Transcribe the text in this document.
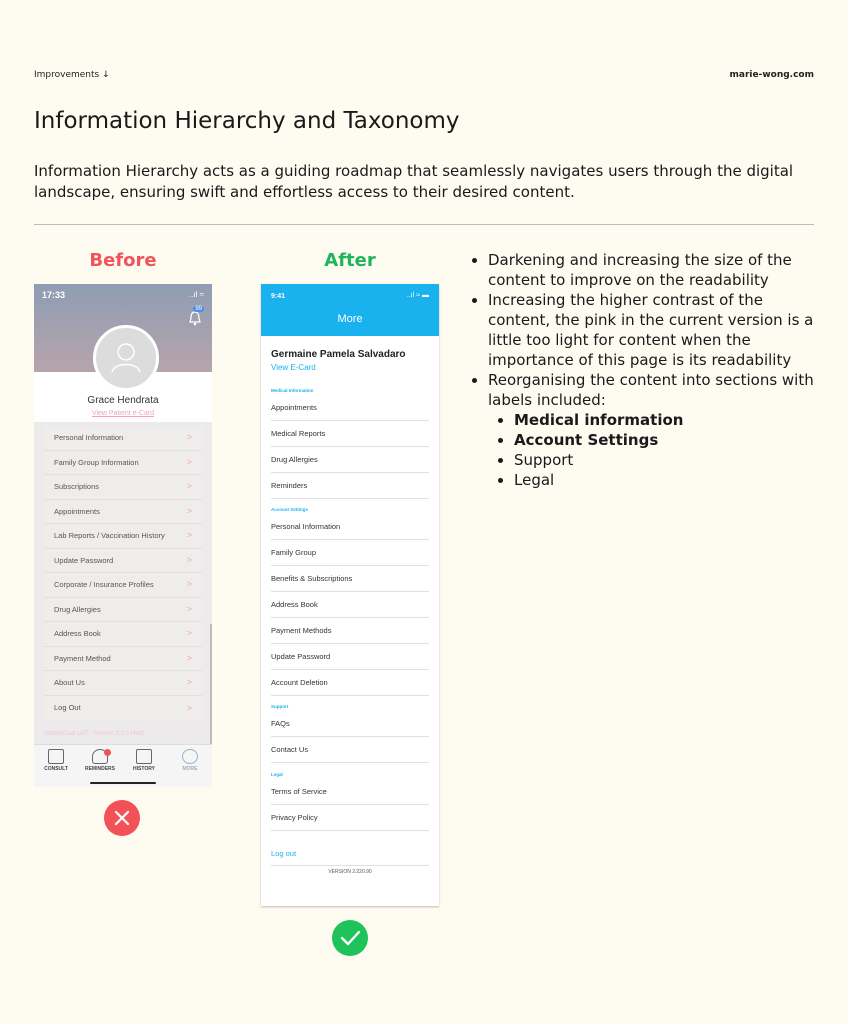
Improvements ↓	marie-wong.com
Information Hierarchy and Taxonomy
Information Hierarchy acts as a guiding roadmap that seamlessly navigates users through the digital landscape, ensuring swift and effortless access to their desired content.
Before	After
17:33	..ıl ≈
99
Grace Hendrata
View Patient e-Card
Personal Information	>
Family Group Information	>
Subscriptions	>
Appointments	>
Lab Reports / Vaccination History >
Update Password	>
Corporate / Insurance Profiles	>
Drug Allergies	>
Address Book	>
Payment Method	>
About Us	>
Log Out	>
WhitehCoat UAT - Version 3.9.0 (442)
CONSULT	REMINDERS	HISTORY	MORE
9:41	..ıl ≈ ▬
More
Germaine Pamela Salvadaro
View E-Card
Medical Information
Appointments
Medical Reports
Drug Allergies
Reminders
Account Settings
Personal Information
Family Group
Benefits & Subscriptions
Address Book
Payment Methods
Update Password
Account Deletion
Support
FAQs
Contact Us
Legal
Terms of Service
Privacy Policy
Log out
VERSION 2.220.90
• Darkening and increasing the size of the content to improve on the readability
• Increasing the higher contrast of the content, the pink in the current version is a little too light for content when the importance of this page is its readability
• Reorganising the content into sections with labels included:
• Medical information
• Account Settings
• Support
• Legal
